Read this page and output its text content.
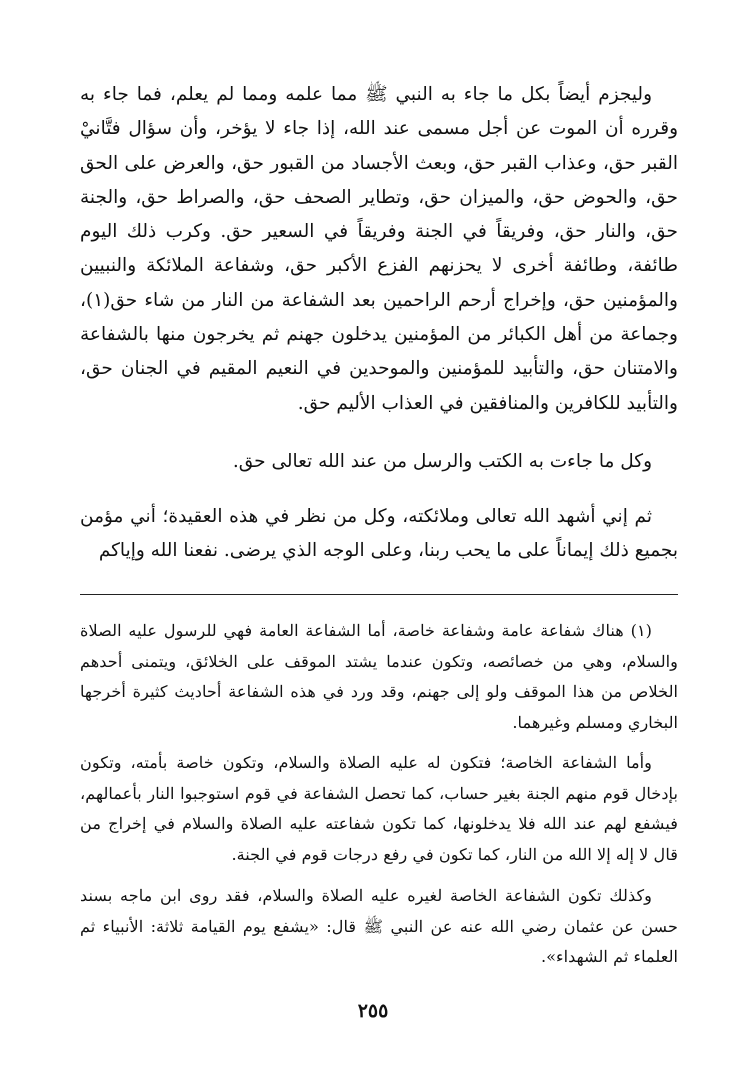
وليجزم أيضاً بكل ما جاء به النبي ﷺ مما علمه ومما لم يعلم، فما جاء به وقرره أن الموت عن أجل مسمى عند الله، إذا جاء لا يؤخر، وأن سؤال فتَّانيْ القبر حق، وعذاب القبر حق، وبعث الأجساد من القبور حق، والعرض على الحق حق، والحوض حق، والميزان حق، وتطاير الصحف حق، والصراط حق، والجنة حق، والنار حق، وفريقاً في الجنة وفريقاً في السعير حق. وكرب ذلك اليوم طائفة، وطائفة أخرى لا يحزنهم الفزع الأكبر حق، وشفاعة الملائكة والنبيين والمؤمنين حق، وإخراج أرحم الراحمين بعد الشفاعة من النار من شاء حق(١)، وجماعة من أهل الكبائر من المؤمنين يدخلون جهنم ثم يخرجون منها بالشفاعة والامتنان حق، والتأبيد للمؤمنين والموحدين في النعيم المقيم في الجنان حق، والتأبيد للكافرين والمنافقين في العذاب الأليم حق.

وكل ما جاءت به الكتب والرسل من عند الله تعالى حق.

ثم إني أشهد الله تعالى وملائكته، وكل من نظر في هذه العقيدة؛ أني مؤمن بجميع ذلك إيماناً على ما يحب ربنا، وعلى الوجه الذي يرضى. نفعنا الله وإياكم

(١) هناك شفاعة عامة وشفاعة خاصة، أما الشفاعة العامة فهي للرسول عليه الصلاة والسلام، وهي من خصائصه، وتكون عندما يشتد الموقف على الخلائق، ويتمنى أحدهم الخلاص من هذا الموقف ولو إلى جهنم، وقد ورد في هذه الشفاعة أحاديث كثيرة أخرجها البخاري ومسلم وغيرهما.

وأما الشفاعة الخاصة؛ فتكون له عليه الصلاة والسلام، وتكون خاصة بأمته، وتكون بإدخال قوم منهم الجنة بغير حساب، كما تحصل الشفاعة في قوم استوجبوا النار بأعمالهم، فيشفع لهم عند الله فلا يدخلونها، كما تكون شفاعته عليه الصلاة والسلام في إخراج من قال لا إله إلا الله من النار، كما تكون في رفع درجات قوم في الجنة.

وكذلك تكون الشفاعة الخاصة لغيره عليه الصلاة والسلام، فقد روى ابن ماجه بسند حسن عن عثمان رضي الله عنه عن النبي ﷺ قال: «يشفع يوم القيامة ثلاثة: الأنبياء ثم العلماء ثم الشهداء».

٢٥٥
